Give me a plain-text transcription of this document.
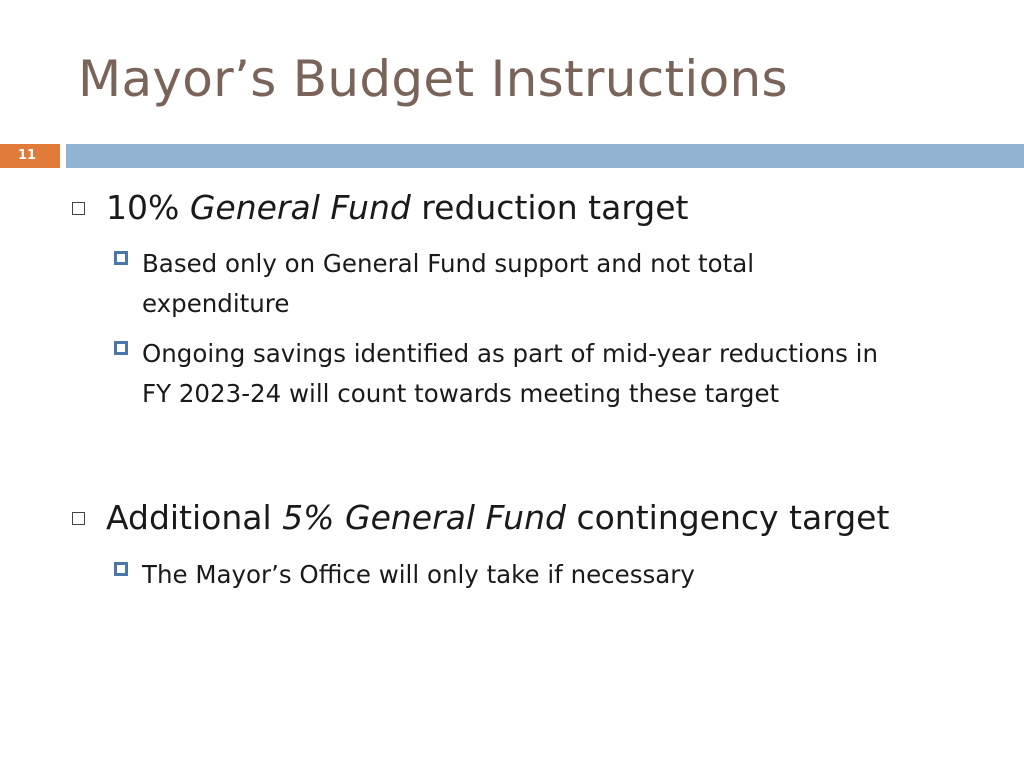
Mayor’s Budget Instructions
11
10% General Fund reduction target
Based only on General Fund support and not total
expenditure
Ongoing savings identified as part of mid-year reductions in
FY 2023-24 will count towards meeting these target
Additional 5% General Fund contingency target
The Mayor’s Office will only take if necessary
